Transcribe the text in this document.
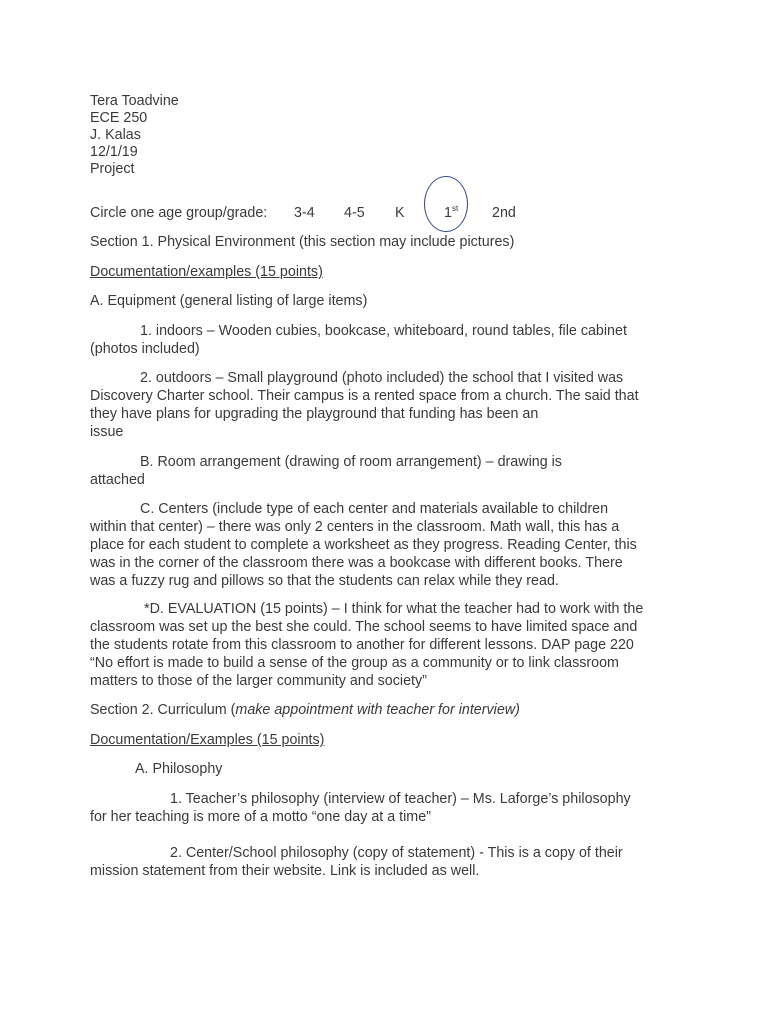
Tera Toadvine
ECE 250
J. Kalas
12/1/19
Project
Circle one age group/grade: 3-4 4-5 K	1st 2nd

Section 1. Physical Environment (this section may include pictures)

Documentation/examples (15 points)

A. Equipment (general listing of large items)

1. indoors – Wooden cubies, bookcase, whiteboard, round tables, file cabinet
(photos included)
2. outdoors – Small playground (photo included) the school that I visited was
Discovery Charter school. Their campus is a rented space from a church. The said that
they have plans for upgrading the playground that funding has been an
issue
B. Room arrangement (drawing of room arrangement) – drawing is
attached
C. Centers (include type of each center and materials available to children
within that center) – there was only 2 centers in the classroom. Math wall, this has a
place for each student to complete a worksheet as they progress. Reading Center, this
was in the corner of the classroom there was a bookcase with different books. There
was a fuzzy rug and pillows so that the students can relax while they read.
*D. EVALUATION (15 points) – I think for what the teacher had to work with the
classroom was set up the best she could. The school seems to have limited space and
the students rotate from this classroom to another for different lessons. DAP page 220
“No effort is made to build a sense of the group as a community or to link classroom
matters to those of the larger community and society”

Section 2. Curriculum (make appointment with teacher for interview)

Documentation/Examples (15 points)

A. Philosophy

1. Teacher’s philosophy (interview of teacher) – Ms. Laforge’s philosophy
for her teaching is more of a motto “one day at a time”
2. Center/School philosophy (copy of statement) - This is a copy of their
mission statement from their website. Link is included as well.
